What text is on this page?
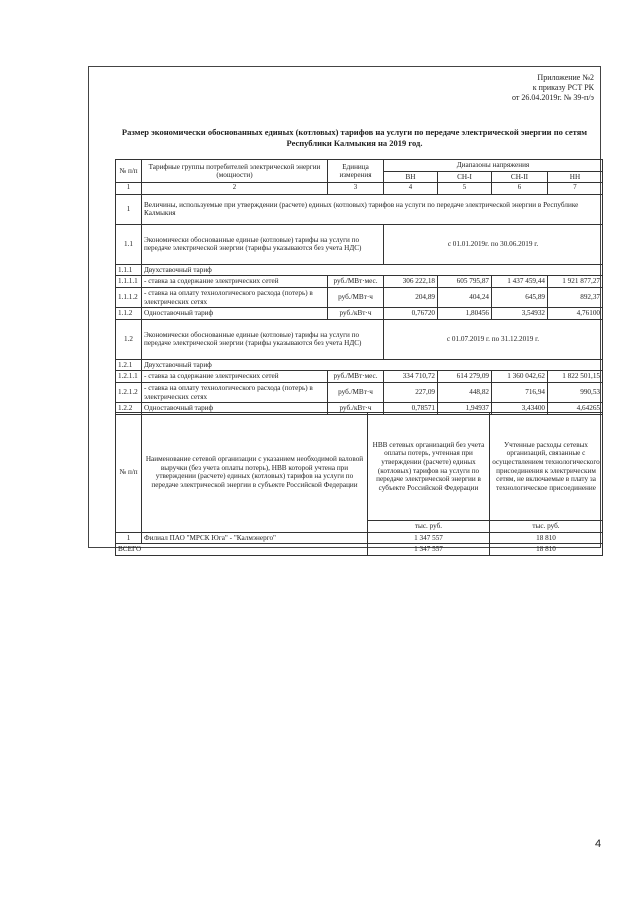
Приложение №2
к приказу РСТ РК
от 26.04.2019г. № 39-п/э
Размер экономически обоснованных единых (котловых) тарифов на услуги по передаче электрической энергии по сетям Республики Калмыкия на 2019 год.
№ п/п	Тарифные группы потребителей электрической энергии (мощности)	Единица измерения	Диапазоны напряжения			
			ВН	СН-I	СН-II	НН
1	2	3	4	5	6	7
1	Величины, используемые при утверждении (расчете) единых (котловых) тарифов на услуги по передаче электрической энергии в Республике Калмыкия					
1.1	Экономически обоснованные единые (котловые) тарифы на услуги по передаче электрической энергии (тарифы указываются без учета НДС)		с 01.01.2019г. по 30.06.2019 г.			
1.1.1	Двухставочный тариф					
1.1.1.1	- ставка за содержание электрических сетей	руб./МВт·мес.	306 222,18	605 795,87	1 437 459,44	1 921 877,27
1.1.1.2	- ставка на оплату технологического расхода (потерь) в электрических сетях	руб./МВт·ч	204,89	404,24	645,89	892,37
1.1.2	Одноставочный тариф	руб./кВт·ч	0,76720	1,80456	3,54932	4,76100
1.2	Экономически обоснованные единые (котловые) тарифы на услуги по передаче электрической энергии (тарифы указываются без учета НДС)		с 01.07.2019 г. по 31.12.2019 г.			
1.2.1	Двухставочный тариф					
1.2.1.1	- ставка за содержание электрических сетей	руб./МВт·мес.	334 710,72	614 279,09	1 360 042,62	1 822 501,15
1.2.1.2	- ставка на оплату технологического расхода (потерь) в электрических сетях	руб./МВт·ч	227,09	448,82	716,94	990,53
1.2.2	Одноставочный тариф	руб./кВт·ч	0,78571	1,94937	3,43400	4,64265
№ п/п	Наименование сетевой организации с указанием необходимой валовой выручки (без учета оплаты потерь), НВВ которой учтена при утверждении (расчете) единых (котловых) тарифов на услуги по передаче электрической энергии в субъекте Российской Федерации	НВВ сетевых организаций без учета оплаты потерь, учтенная при утверждении (расчете) единых (котловых) тарифов на услуги по передаче электрической энергии в субъекте Российской Федерации	Учтенные расходы сетевых организаций, связанные с осуществлением технологического присоединения к электрическим сетям, не включаемые в плату за технологическое присоединение
		тыс. руб.	тыс. руб.
1	Филиал ПАО "МРСК Юга" - "Калмэнерго"	1 347 557	18 810
ВСЕГО		1 347 557	18 810
4
